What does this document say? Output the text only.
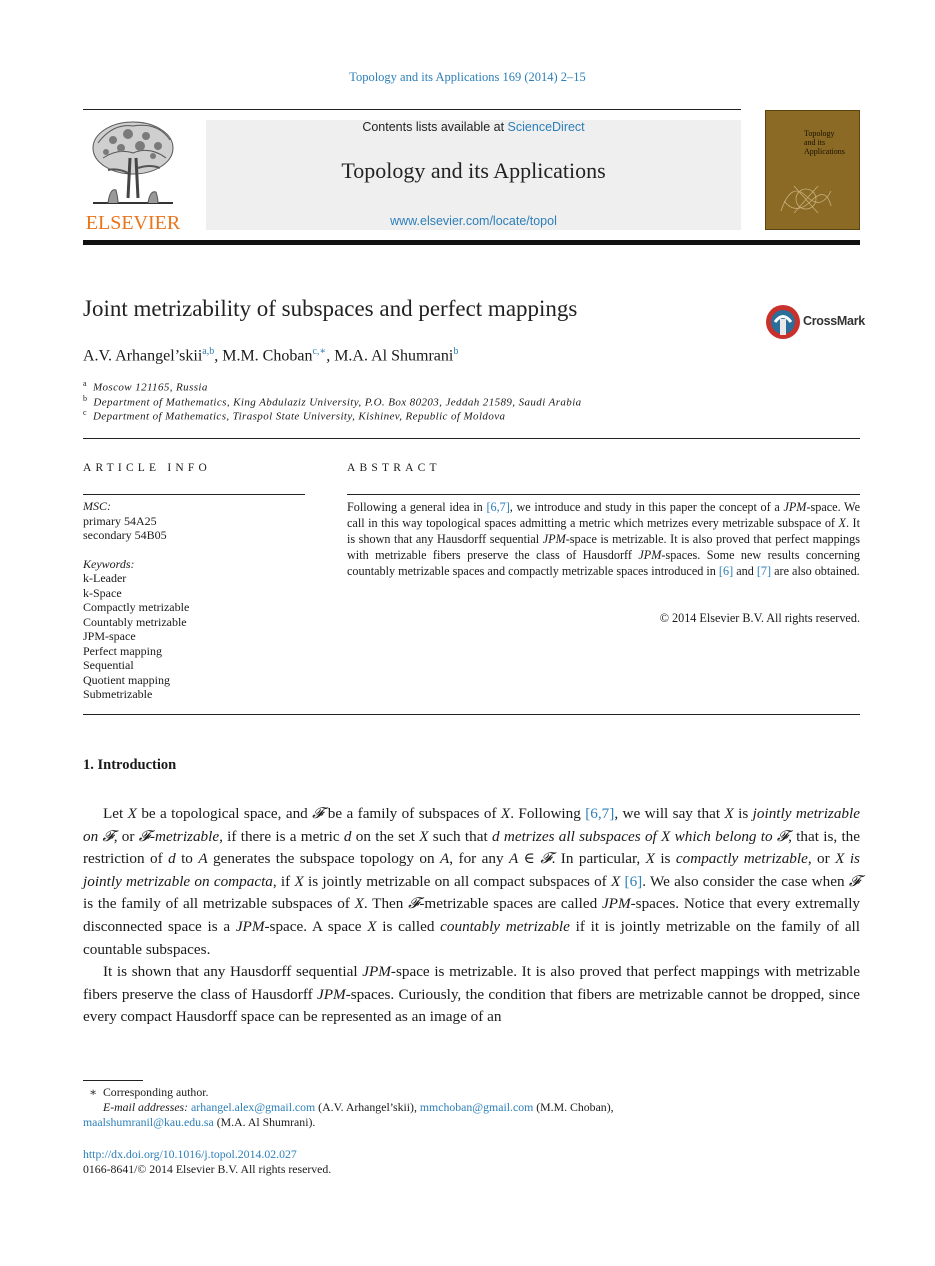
Topology and its Applications 169 (2014) 2–15
ELSEVIER
Contents lists available at ScienceDirect
Topology and its Applications
www.elsevier.com/locate/topol
Topology
and its
Applications
Joint metrizability of subspaces and perfect mappings	CrossMark
A.V. Arhangel’skii$^{a,b}$, M.M. Choban$^{c,∗}$, M.A. Al Shumrani$^b$
$^a$ Moscow 121165, Russia
$^b$ Department of Mathematics, King Abdulaziz University, P.O. Box 80203, Jeddah 21589, Saudi Arabia
$^c$ Department of Mathematics, Tiraspol State University, Kishinev, Republic of Moldova
ARTICLE INFO	ABSTRACT
MSC:
primary 54A25
secondary 54B05
Keywords:
k-Leader
k-Space
Compactly metrizable
Countably metrizable
JPM-space
Perfect mapping
Sequential
Quotient mapping
Submetrizable
Following a general idea in [6,7], we introduce and study in this paper the concept of a JPM-space. We call in this way topological spaces admitting a metric which metrizes every metrizable subspace of X. It is shown that any Hausdorff sequential JPM-space is metrizable. It is also proved that perfect mappings with metrizable fibers preserve the class of Hausdorff JPM-spaces. Some new results concerning countably metrizable spaces and compactly metrizable spaces introduced in [6] and [7] are also obtained.
© 2014 Elsevier B.V. All rights reserved.
1. Introduction

Let X be a topological space, and 𝓕 be a family of subspaces of X. Following [6,7], we will say that X is jointly metrizable on 𝓕, or 𝓕-metrizable, if there is a metric d on the set X such that d metrizes all subspaces of X which belong to 𝓕, that is, the restriction of d to A generates the subspace topology on A, for any A ∈ 𝓕. In particular, X is compactly metrizable, or X is jointly metrizable on compacta, if X is jointly metrizable on all compact subspaces of X [6]. We also consider the case when 𝓕 is the family of all metrizable subspaces of X. Then 𝓕-metrizable spaces are called JPM-spaces. Notice that every extremally disconnected space is a JPM-space. A space X is called countably metrizable if it is jointly metrizable on the family of all countable subspaces.

It is shown that any Hausdorff sequential JPM-space is metrizable. It is also proved that perfect mappings with metrizable fibers preserve the class of Hausdorff JPM-spaces. Curiously, the condition that fibers are metrizable cannot be dropped, since every compact Hausdorff space can be represented as an image of an

∗ Corresponding author.
E-mail addresses: arhangel.alex@gmail.com (A.V. Arhangel’skii), mmchoban@gmail.com (M.M. Choban),
maalshumranil@kau.edu.sa (M.A. Al Shumrani).
http://dx.doi.org/10.1016/j.topol.2014.02.027
0166-8641/© 2014 Elsevier B.V. All rights reserved.
